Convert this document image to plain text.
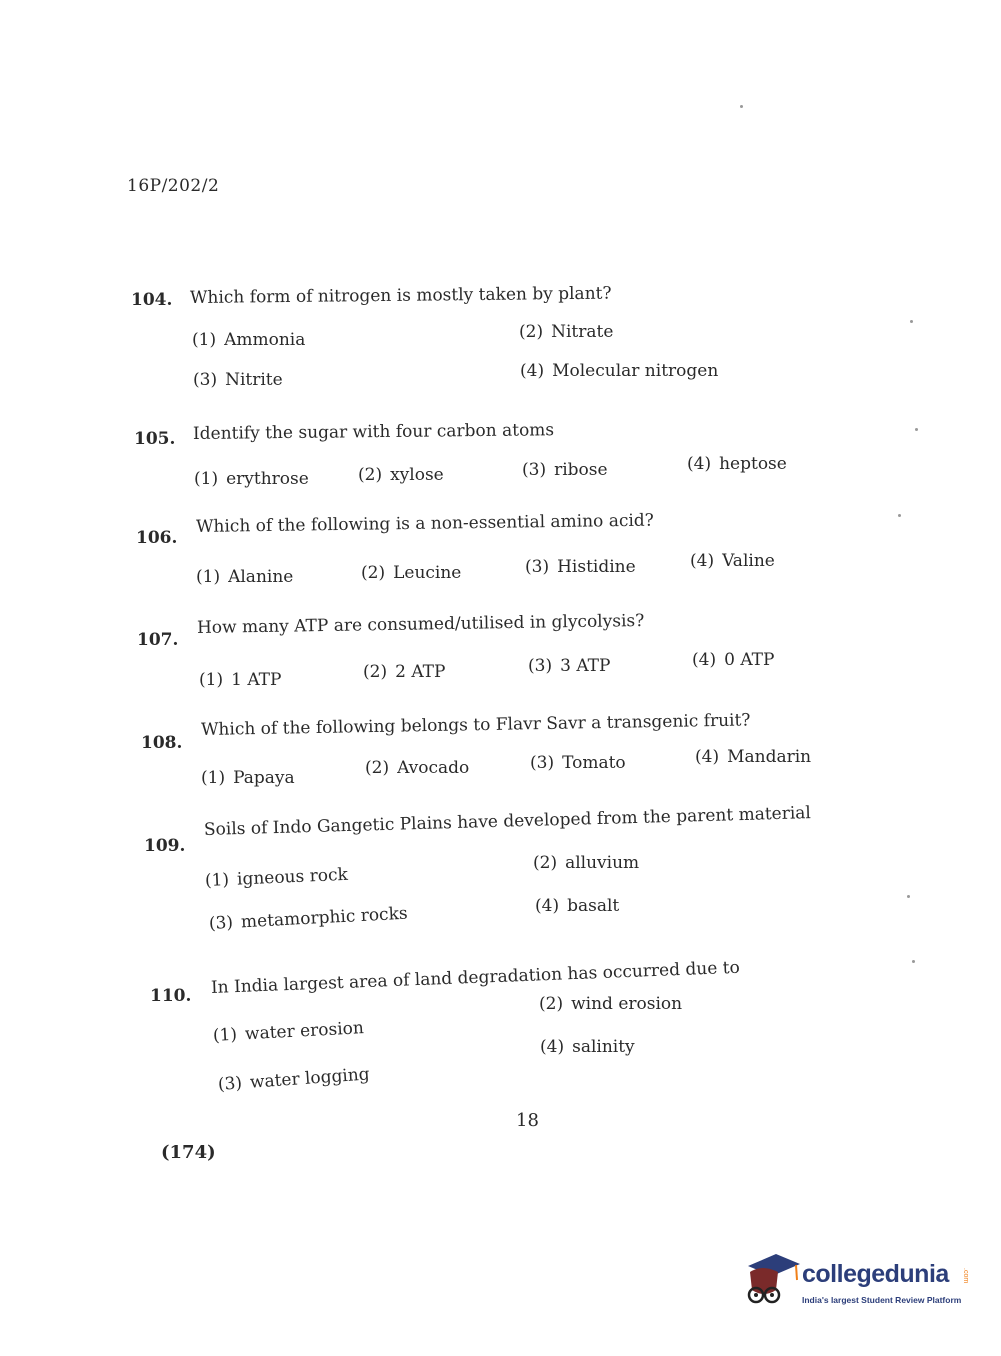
16P/202/2
104. Which form of nitrogen is mostly taken by plant?
(1) Ammonia	(2) Nitrate
(3) Nitrite	(4) Molecular nitrogen
105. Identify the sugar with four carbon atoms
(1) erythrose	(2) xylose	(3) ribose	(4) heptose
106.
Which of the following is a non-essential amino acid?
(1) Alanine	(2) Leucine	(3) Histidine	(4) Valine
107.
How many ATP are consumed/utilised in glycolysis?
(1) 1 ATP	(2) 2 ATP	(3) 3 ATP	(4) 0 ATP
108.
Which of the following belongs to Flavr Savr a transgenic fruit?
(1) Papaya	(2) Avocado	(3) Tomato	(4) Mandarin
109.
Soils of Indo Gangetic Plains have developed from the parent material
(1) igneous rock
(2) alluvium
(3) metamorphic rocks	(4) basalt
110. In India largest area of land degradation has occurred due to
(1) water erosion
(2) wind erosion
(3) water logging
(4) salinity
18
(174)
collegedunia .com
India's largest Student Review Platform
